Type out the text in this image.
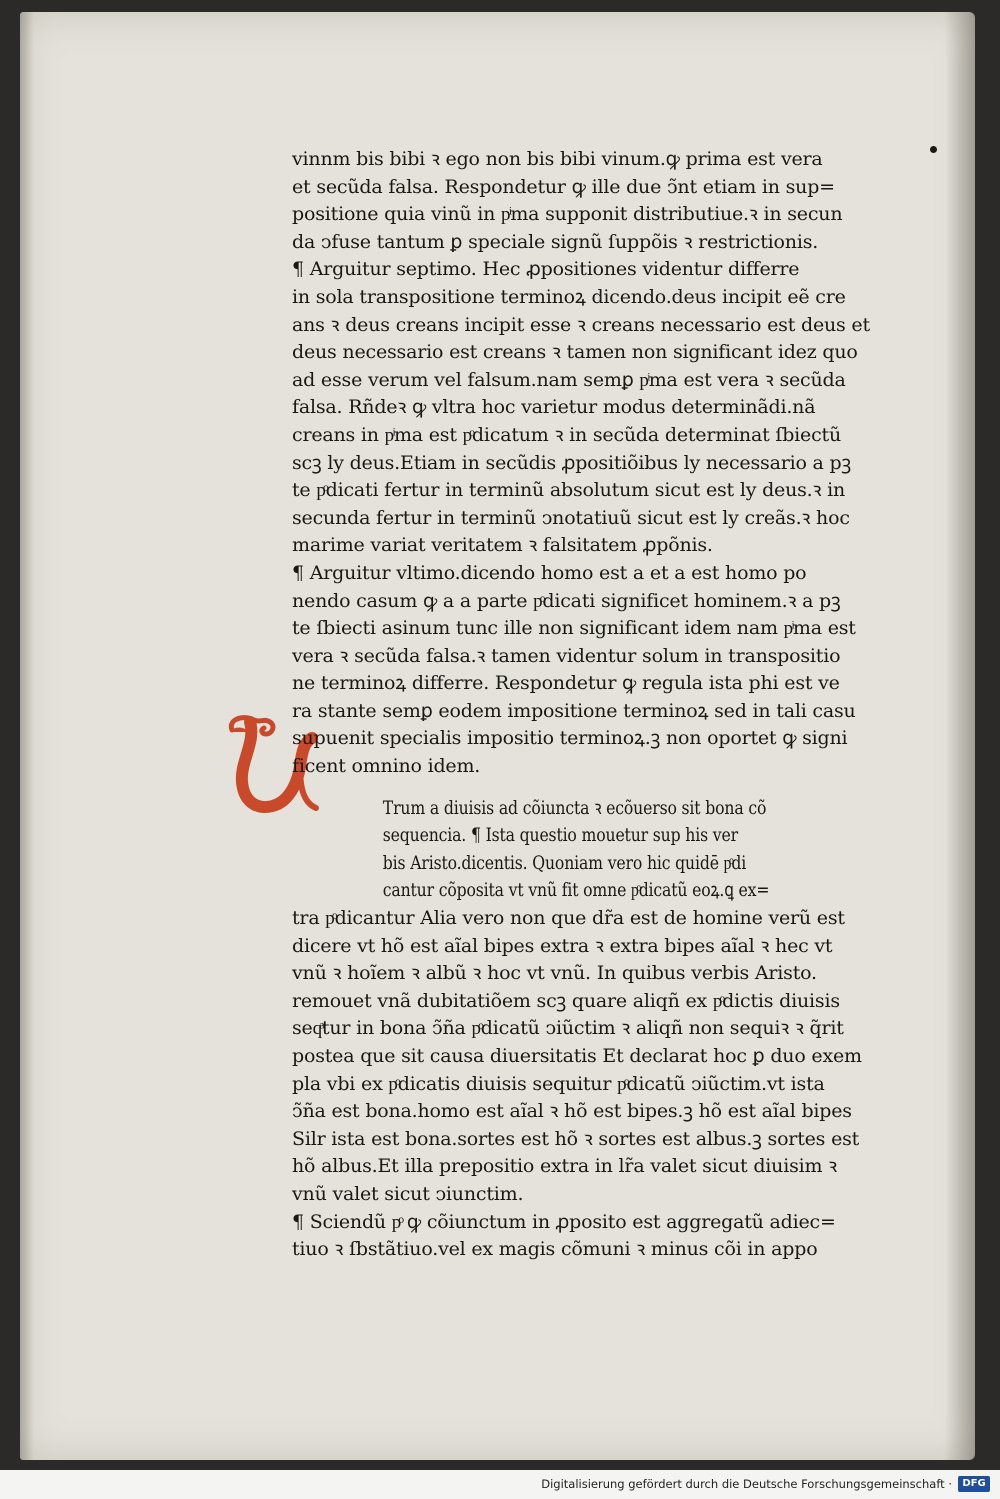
U
vinnm bis bibi ꝛ ego non bis bibi vinum.ꝙ prima est vera
et secũda falsa. Respondetur ꝙ ille due ↄ̃nt etiam in sup=
positione quia vinũ in pͥma supponit distributiue.ꝛ in secun
da ↄfuse tantum ꝑ speciale signũ ſuppõis ꝛ restrictionis.
¶ Arguitur septimo. Hec ꝓpositiones videntur differre
in sola transpositione terminoꝝ dicendo.deus incipit eẽ cre
ans ꝛ deus creans incipit esse ꝛ creans necessario est deus et
deus necessario est creans ꝛ tamen non significant idez quo
ad esse verum vel falsum.nam semꝑ pͥma est vera ꝛ secũda
falsa. Rñdeꝛ ꝙ vltra hoc varietur modus determinãdi.nã
creans in pͥma est pͦdicatum ꝛ in secũda determinat ſbiectũ
scꝫ ly deus.Etiam in secũdis ꝓpositiõibus ly necessario a pꝫ
te pͦdicati fertur in terminũ absolutum sicut est ly deus.ꝛ in
secunda fertur in terminũ ↄnotatiuũ sicut est ly creãs.ꝛ hoc
marime variat veritatem ꝛ falsitatem ꝓpõnis.
¶ Arguitur vltimo.dicendo homo est a et a est homo po
nendo casum ꝙ a a parte pͦdicati significet hominem.ꝛ a pꝫ
te ſbiecti asinum tunc ille non significant idem nam pͥma est
vera ꝛ secũda falsa.ꝛ tamen videntur solum in transpositio
ne terminoꝝ differre. Respondetur ꝙ regula ista phi est ve
ra stante semꝑ eodem impositione terminoꝝ sed in tali casu
supuenit specialis impositio terminoꝝ.ꝫ non oportet ꝙ signi
ficent omnino idem.
Trum a diuisis ad cõiuncta ꝛ ecõuerso sit bona cõ
sequencia. ¶ Ista questio mouetur sup his ver
bis Aristo.dicentis. Quoniam vero hic quidē pͦdi
cantur cõposita vt vnũ fit omne pͦdicatũ eoꝝ.ꝗ ex=
tra pͦdicantur Alia vero non que dr̃a est de homine verũ est
dicere vt hõ est aĩal bipes extra ꝛ extra bipes aĩal ꝛ hec vt
vnũ ꝛ hoĩem ꝛ albũ ꝛ hoc vt vnũ. In quibus verbis Aristo.
remouet vnã dubitatiõem scꝫ quare aliqñ ex pͦdictis diuisis
seqͣtur in bona ↄ̃ña pͦdicatũ ↄiũctim ꝛ aliqñ non sequiꝛ ꝛ q̃rit
postea que sit causa diuersitatis Et declarat hoc ꝑ duo exem
pla vbi ex pͦdicatis diuisis sequitur pͦdicatũ ↄiũctim.vt ista
ↄ̃ña est bona.homo est aĩal ꝛ hõ est bipes.ꝫ hõ est aĩal bipes
Silr ista est bona.sortes est hõ ꝛ sortes est albus.ꝫ sortes est
hõ albus.Et illa prepositio extra in lr̃a valet sicut diuisim ꝛ
vnũ valet sicut ↄiunctim.
¶ Sciendũ pͦ ꝙ cõiunctum in ꝓposito est aggregatũ adiec=
tiuo ꝛ ſbstãtiuo.vel ex magis cõmuni ꝛ minus cõi in appo
Digitalisierung gefördert durch die Deutsche Forschungsgemeinschaft ·	DFG
